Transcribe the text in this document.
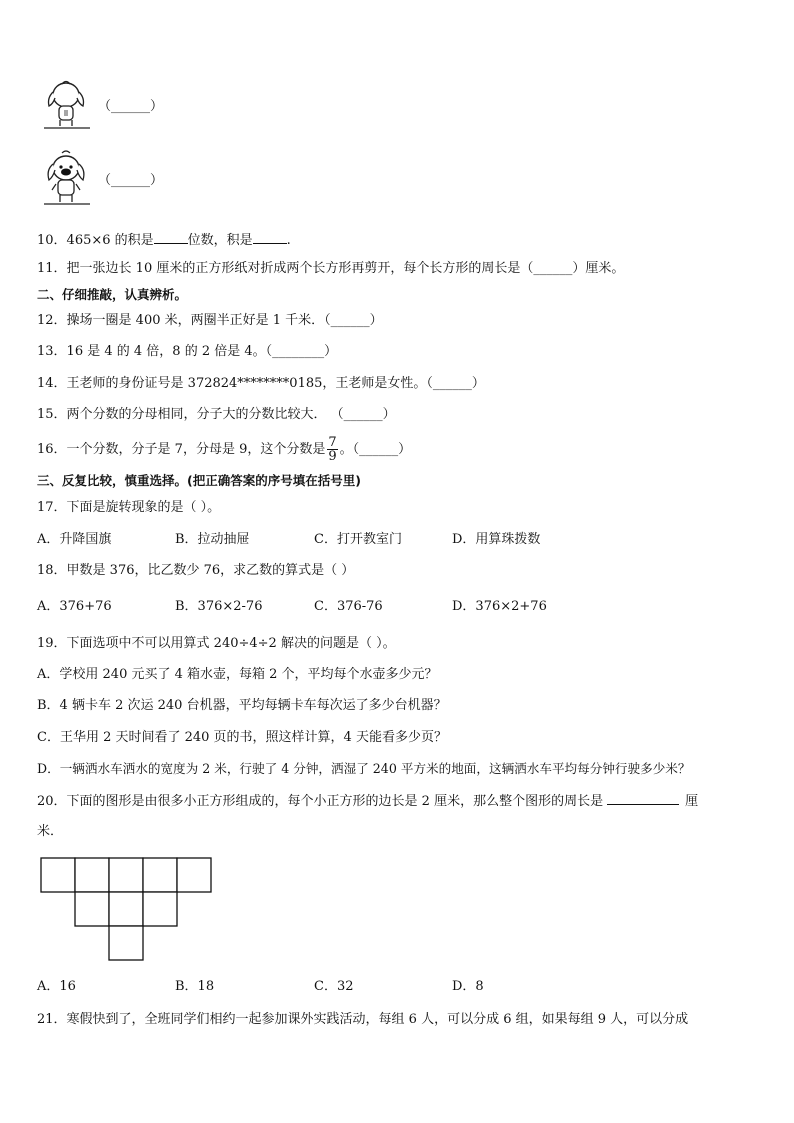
（______）
（______）
10．465×6 的积是	位数，积是	.
11．把一张边长 10 厘米的正方形纸对折成两个长方形再剪开，每个长方形的周长是（______）厘米。
二、仔细推敲，认真辨析。
12．操场一圈是 400 米，两圈半正好是 1 千米．（______）
13．16 是 4 的 4 倍，8 的 2 倍是 4。（________）
14．王老师的身份证号是 372824********0185，王老师是女性。（______）
15．两个分数的分母相同，分子大的分数比较大． （______）
16．一个分数，分子是 7，分母是 9，这个分数是 $\frac{7}{9}$ 。（______）
三、反复比较，慎重选择。(把正确答案的序号填在括号里)
17．下面是旋转现象的是（ ）。
A．升降国旗	B．拉动抽屉	C．打开教室门	D．用算珠拨数
18．甲数是 376，比乙数少 76，求乙数的算式是（ ）
A．376+76	B．376×2-76	C．376-76	D．376×2+76
19．下面选项中不可以用算式 240÷4÷2 解决的问题是（ ）。
A．学校用 240 元买了 4 箱水壶，每箱 2 个，平均每个水壶多少元？
B．4 辆卡车 2 次运 240 台机器，平均每辆卡车每次运了多少台机器？
C．王华用 2 天时间看了 240 页的书，照这样计算，4 天能看多少页？
D．一辆洒水车洒水的宽度为 2 米，行驶了 4 分钟，洒湿了 240 平方米的地面，这辆洒水车平均每分钟行驶多少米？
20．下面的图形是由很多小正方形组成的，每个小正方形的边长是 2 厘米，那么整个图形的周长是	厘
米．
A．16	B．18	C．32	D．8
21．寒假快到了，全班同学们相约一起参加课外实践活动，每组 6 人，可以分成 6 组，如果每组 9 人，可以分成
